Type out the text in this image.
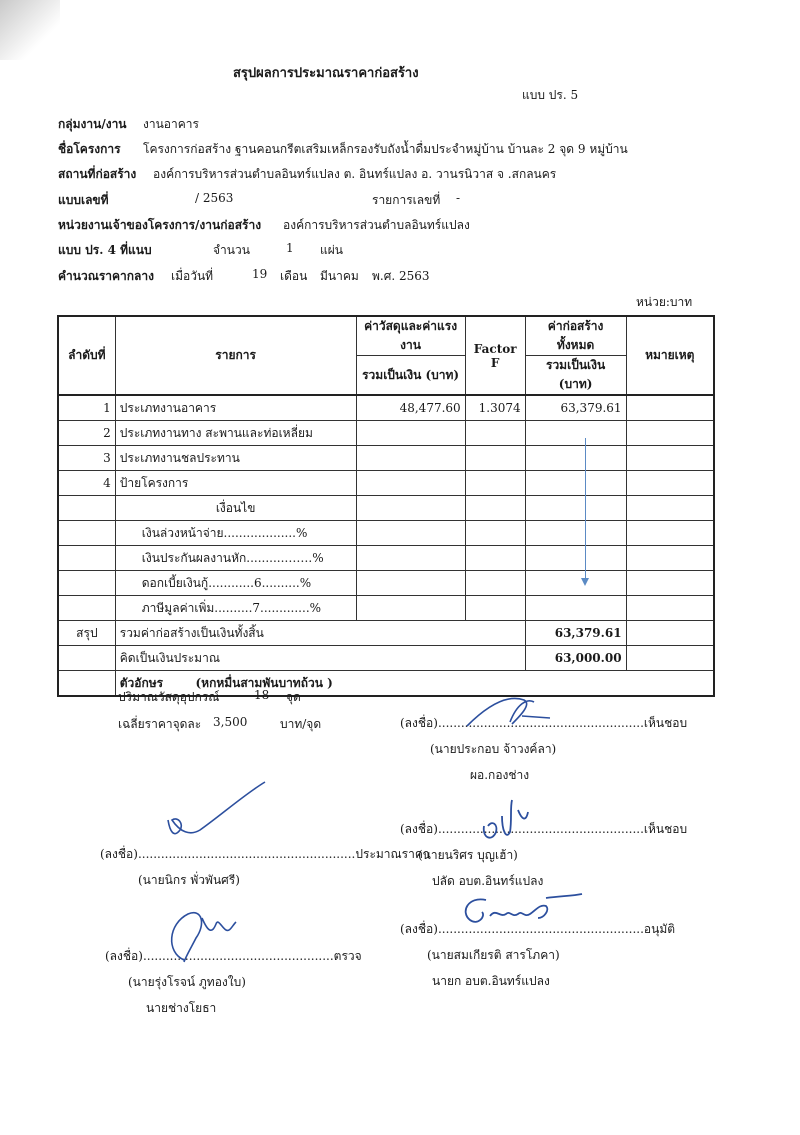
สรุปผลการประมาณราคาก่อสร้าง
แบบ ปร. 5
กลุ่มงาน/งาน งานอาคาร
ชื่อโครงการ โครงการก่อสร้าง ฐานคอนกรีตเสริมเหล็กรองรับถังน้ำดื่มประจำหมู่บ้าน บ้านละ 2 จุด 9 หมู่บ้าน
สถานที่ก่อสร้าง องค์การบริหารส่วนตำบลอินทร์แปลง ต. อินทร์แปลง อ. วานรนิวาส จ .สกลนคร
แบบเลขที่	/ 2563	รายการเลขที่ -
หน่วยงานเจ้าของโครงการ/งานก่อสร้าง องค์การบริหารส่วนตำบลอินทร์แปลง
แบบ ปร. 4 ที่แนบ	จำนวน	1 แผ่น
คำนวณราคากลาง เมื่อวันที่	19 เดือน มีนาคม พ.ศ. 2563
หน่วย:บาท
ลำดับที่	รายการ	ค่าวัสดุและค่าแรงงาน	Factor F	ค่าก่อสร้างทั้งหมด	หมายเหตุ
		รวมเป็นเงิน (บาท)		รวมเป็นเงิน (บาท)	
1	ประเภทงานอาคาร	48,477.60	1.3074	63,379.61	
2	ประเภทงานทาง สะพานและท่อเหลี่ยม				
3	ประเภทงานชลประทาน				
4	ป้ายโครงการ				
	เงื่อนไข				
	เงินล่วงหน้าจ่าย...................%				
	เงินประกันผลงานหัก..........…….%				
	ดอกเบี้ยเงินกู้............6..........%				
	ภาษีมูลค่าเพิ่ม..........7.............%				
สรุป	รวมค่าก่อสร้างเป็นเงินทั้งสิ้น			63,379.61	
	คิดเป็นเงินประมาณ			63,000.00	
	ตัวอักษร (หกหมื่นสามพันบาทถ้วน )				
ปริมาณวัสดุอุปกรณ์	18 จุด
เฉลี่ยราคาจุดละ 3,500	บาท/จุด	(ลงชื่อ)......................................................เห็นชอบ
(นายประกอบ จ้าวงค์ลา)
ผอ.กองช่าง
(ลงชื่อ).........................................................ประมาณราคา
(นายนิกร พั่วพันศรี)
(ลงชื่อ)......................................................เห็นชอบ
(นายนริศร บุญเฮ้า)
ปลัด อบต.อินทร์แปลง
(ลงชื่อ)..................................................ตรวจ
(นายรุ่งโรจน์ ภูทองใบ)
นายช่างโยธา
(ลงชื่อ)......................................................อนุมัติ
(นายสมเกียรติ สารโภคา)
นายก อบต.อินทร์แปลง
